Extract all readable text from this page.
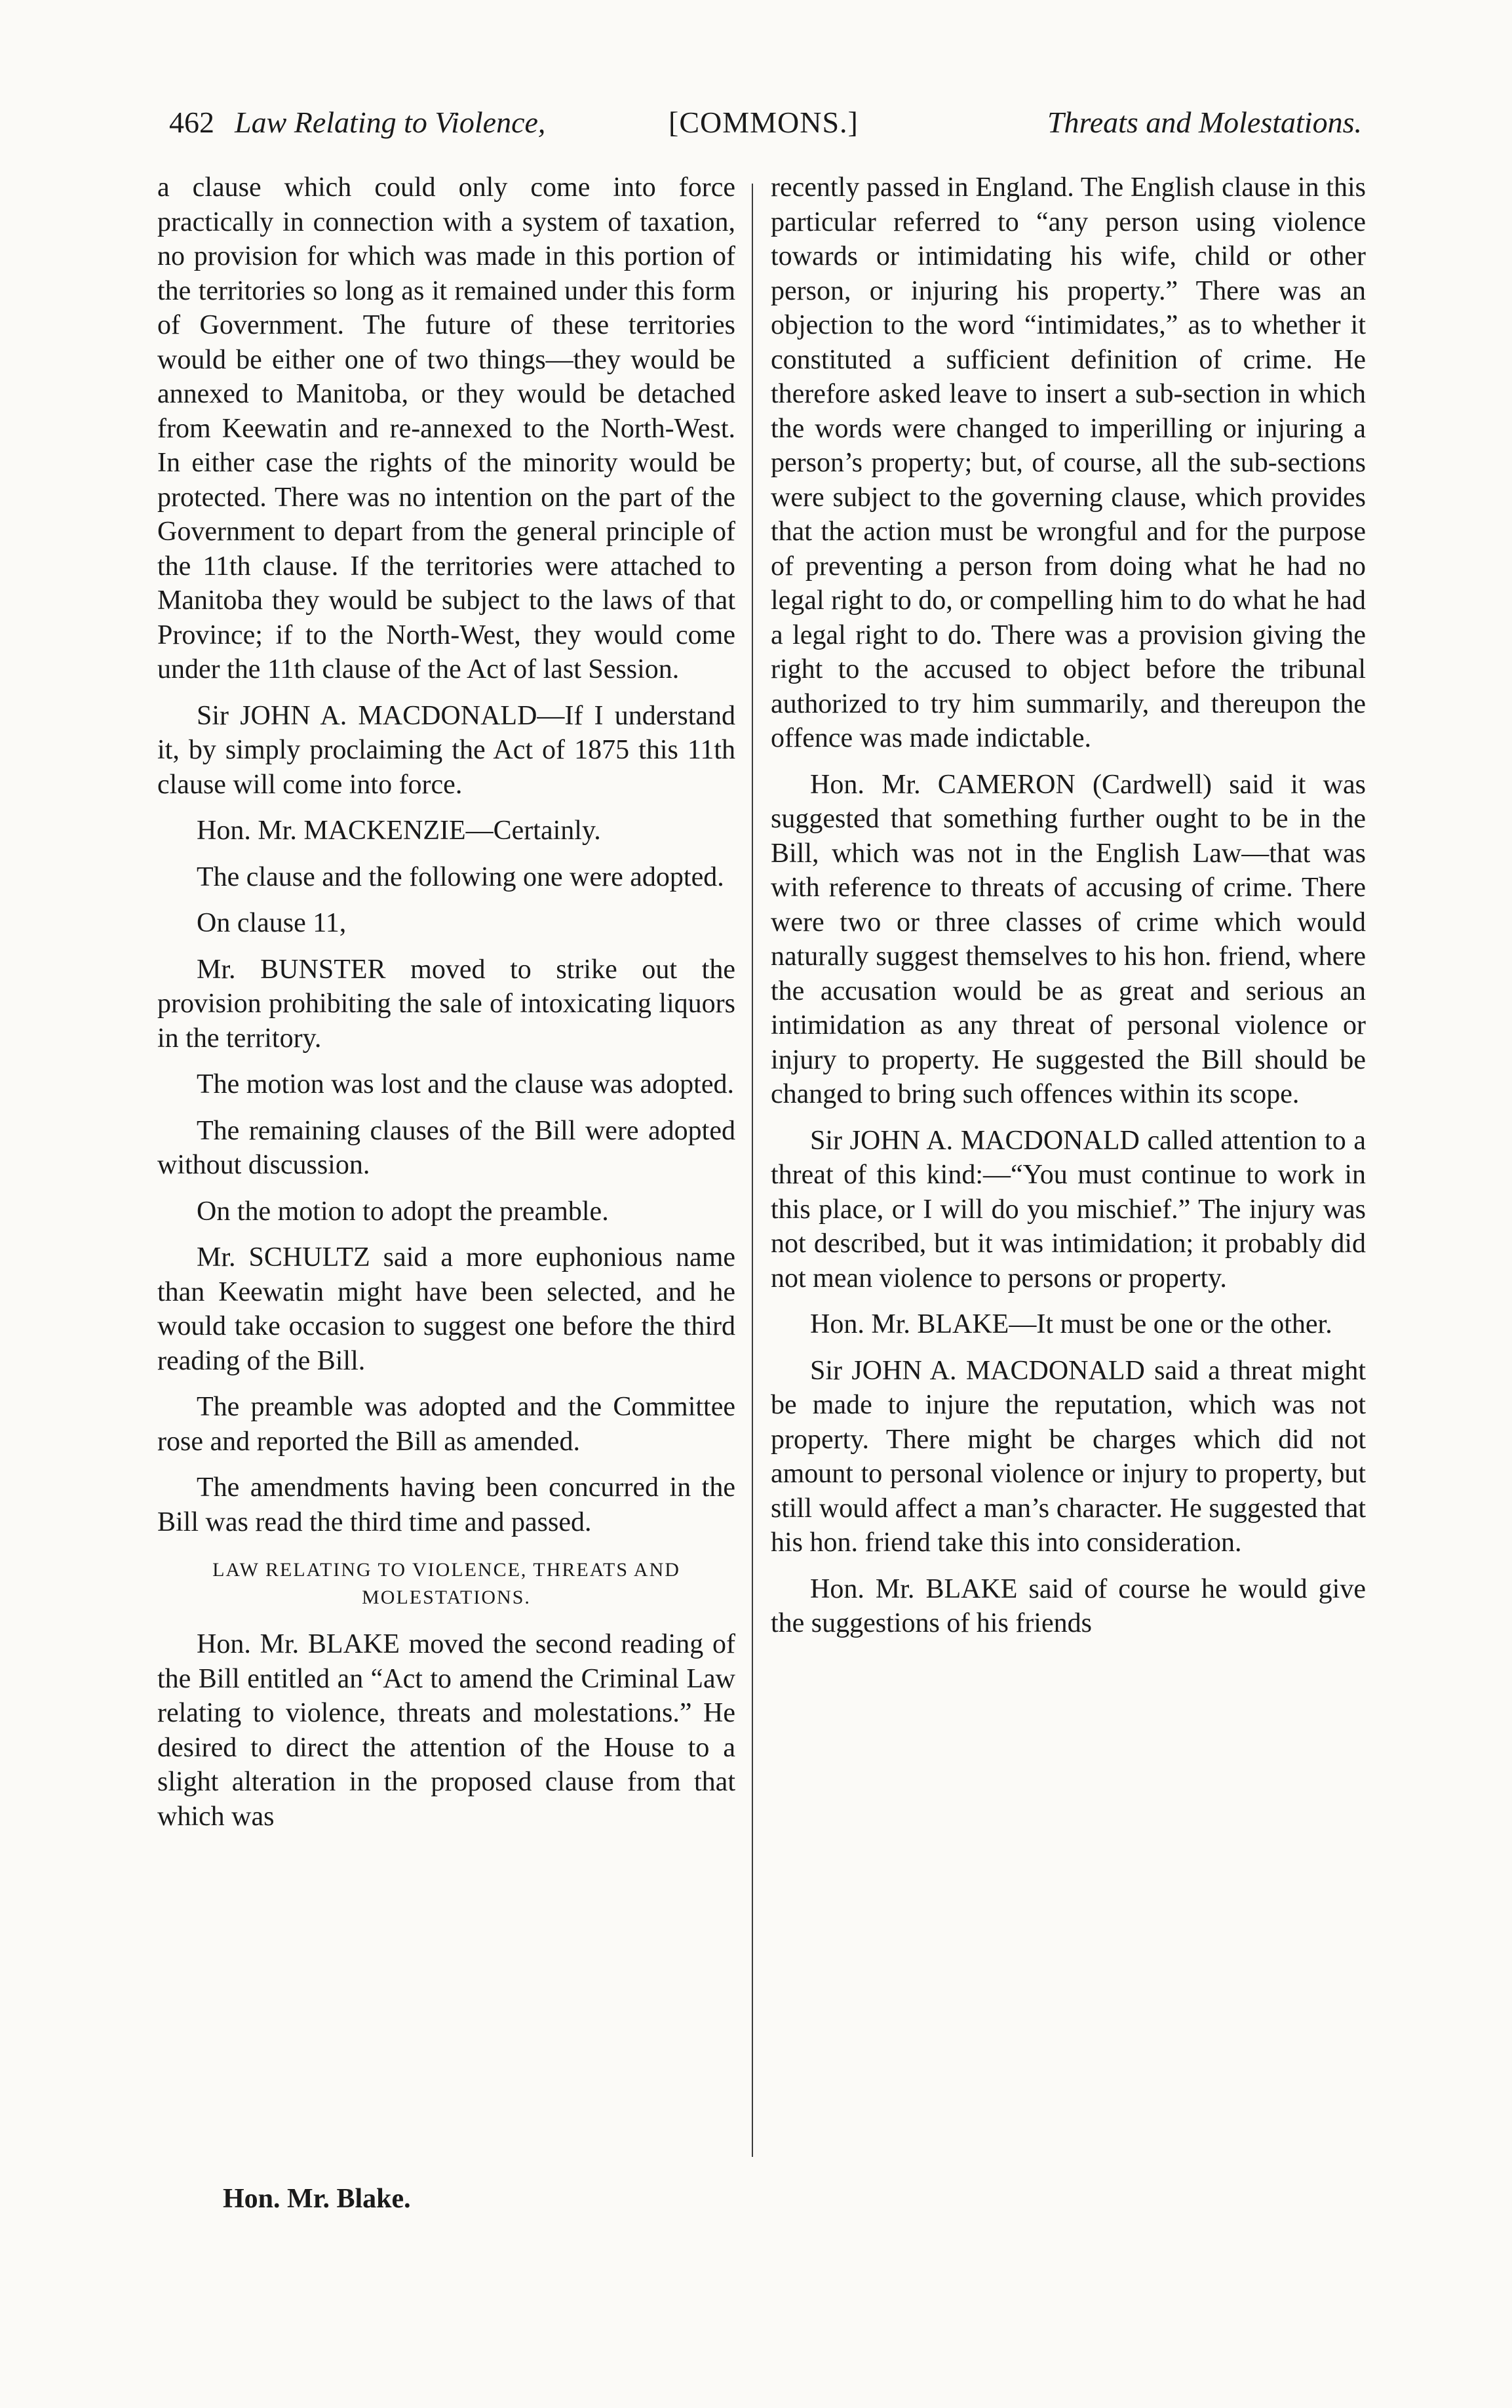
462 Law Relating to Violence,	[COMMONS.]	Threats and Molestations.

a clause which could only come into force practically in connection with a system of taxation, no provision for which was made in this portion of the territories so long as it remained under this form of Government. The future of these territories would be either one of two things—they would be annexed to Manitoba, or they would be detached from Keewatin and re-annexed to the North-West. In either case the rights of the minority would be protected. There was no intention on the part of the Government to depart from the general principle of the 11th clause. If the territories were attached to Manitoba they would be subject to the laws of that Province; if to the North-West, they would come under the 11th clause of the Act of last Session.

Sir JOHN A. MACDONALD—If I understand it, by simply proclaiming the Act of 1875 this 11th clause will come into force.

Hon. Mr. MACKENZIE—Certainly.

The clause and the following one were adopted.

On clause 11,

Mr. BUNSTER moved to strike out the provision prohibiting the sale of intoxicating liquors in the territory.

The motion was lost and the clause was adopted.

The remaining clauses of the Bill were adopted without discussion.

On the motion to adopt the preamble.

Mr. SCHULTZ said a more euphonious name than Keewatin might have been selected, and he would take occasion to suggest one before the third reading of the Bill.

The preamble was adopted and the Committee rose and reported the Bill as amended.

The amendments having been concurred in the Bill was read the third time and passed.

LAW RELATING TO VIOLENCE, THREATS AND MOLESTATIONS.

Hon. Mr. BLAKE moved the second reading of the Bill entitled an “Act to amend the Criminal Law relating to violence, threats and molestations.” He desired to direct the attention of the House to a slight alteration in the proposed clause from that which was

recently passed in England. The English clause in this particular referred to “any person using violence towards or intimidating his wife, child or other person, or injuring his property.” There was an objection to the word “intimidates,” as to whether it constituted a sufficient definition of crime. He therefore asked leave to insert a sub-section in which the words were changed to imperilling or injuring a person’s property; but, of course, all the sub-sections were subject to the governing clause, which provides that the action must be wrongful and for the purpose of preventing a person from doing what he had no legal right to do, or compelling him to do what he had a legal right to do. There was a provision giving the right to the accused to object before the tribunal authorized to try him summarily, and thereupon the offence was made indictable.

Hon. Mr. CAMERON (Cardwell) said it was suggested that something further ought to be in the Bill, which was not in the English Law—that was with reference to threats of accusing of crime. There were two or three classes of crime which would naturally suggest themselves to his hon. friend, where the accusation would be as great and serious an intimidation as any threat of personal violence or injury to property. He suggested the Bill should be changed to bring such offences within its scope.

Sir JOHN A. MACDONALD called attention to a threat of this kind:—“You must continue to work in this place, or I will do you mischief.” The injury was not described, but it was intimidation; it probably did not mean violence to persons or property.

Hon. Mr. BLAKE—It must be one or the other.

Sir JOHN A. MACDONALD said a threat might be made to injure the reputation, which was not property. There might be charges which did not amount to personal violence or injury to property, but still would affect a man’s character. He suggested that his hon. friend take this into consideration.

Hon. Mr. BLAKE said of course he would give the suggestions of his friends

Hon. Mr. Blake.
